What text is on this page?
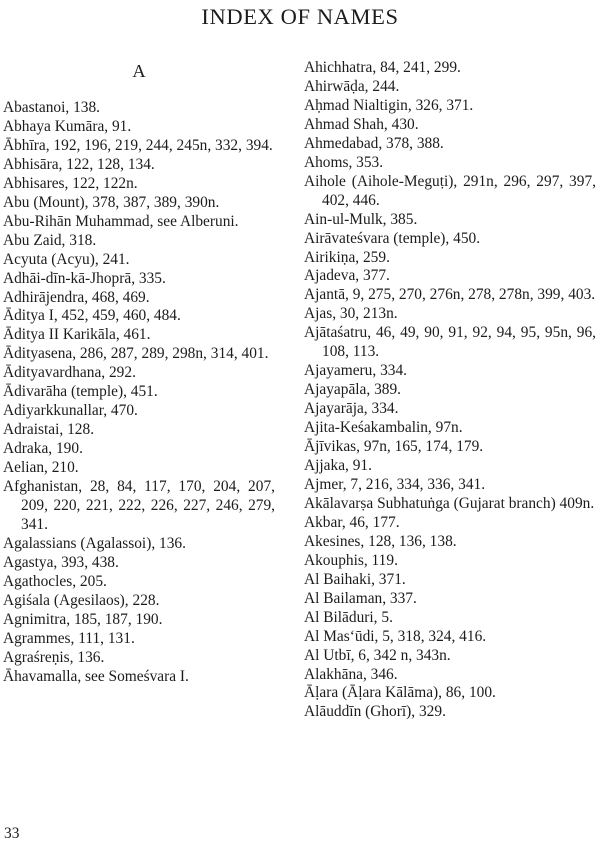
INDEX OF NAMES
A

Abastanoi, 138.

Abhaya Kumāra, 91.

Ābhīra, 192, 196, 219, 244, 245n, 332, 394.

Abhisāra, 122, 128, 134.

Abhisares, 122, 122n.

Abu (Mount), 378, 387, 389, 390n.

Abu-Rihān Muhammad, see Alberuni.

Abu Zaid, 318.

Acyuta (Acyu), 241.

Adhāi-dīn-kā-Jhoprā, 335.

Adhirājendra, 468, 469.

Āditya I, 452, 459, 460, 484.

Āditya II Karikāla, 461.

Ādityasena, 286, 287, 289, 298n, 314, 401.

Ādityavardhana, 292.

Ādivarāha (temple), 451.

Adiyarkkunallar, 470.

Adraistai, 128.

Adraka, 190.

Aelian, 210.

Afghanistan, 28, 84, 117, 170, 204, 207, 209, 220, 221, 222, 226, 227, 246, 279, 341.

Agalassians (Agalassoi), 136.

Agastya, 393, 438.

Agathocles, 205.

Agiśala (Agesilaos), 228.

Agnimitra, 185, 187, 190.

Agrammes, 111, 131.

Agraśreṇis, 136.

Āhavamalla, see Someśvara I.

Ahichhatra, 84, 241, 299.

Ahirwāḍa, 244.

Aḥmad Nialtigin, 326, 371.

Ahmad Shah, 430.

Ahmedabad, 378, 388.

Ahoms, 353.

Aihole (Aihole-Meguṭi), 291n, 296, 297, 397, 402, 446.

Ain-ul-Mulk, 385.

Airāvateśvara (temple), 450.

Airikiṇa, 259.

Ajadeva, 377.

Ajantā, 9, 275, 270, 276n, 278, 278n, 399, 403.

Ajas, 30, 213n.

Ajātaśatru, 46, 49, 90, 91, 92, 94, 95, 95n, 96, 108, 113.

Ajayameru, 334.

Ajayapāla, 389.

Ajayarāja, 334.

Ajita-Keśakambalin, 97n.

Ājīvikas, 97n, 165, 174, 179.

Ajjaka, 91.

Ajmer, 7, 216, 334, 336, 341.

Akālavarṣa Subhatuṅga (Gujarat branch) 409n.

Akbar, 46, 177.

Akesines, 128, 136, 138.

Akouphis, 119.

Al Baihaki, 371.

Al Bailaman, 337.

Al Bilāduri, 5.

Al Mas‘ūdi, 5, 318, 324, 416.

Al Utbī, 6, 342 n, 343n.

Alakhāna, 346.

Āḷara (Āḷara Kālāma), 86, 100.

Alāuddīn (Ghorī), 329.

33
